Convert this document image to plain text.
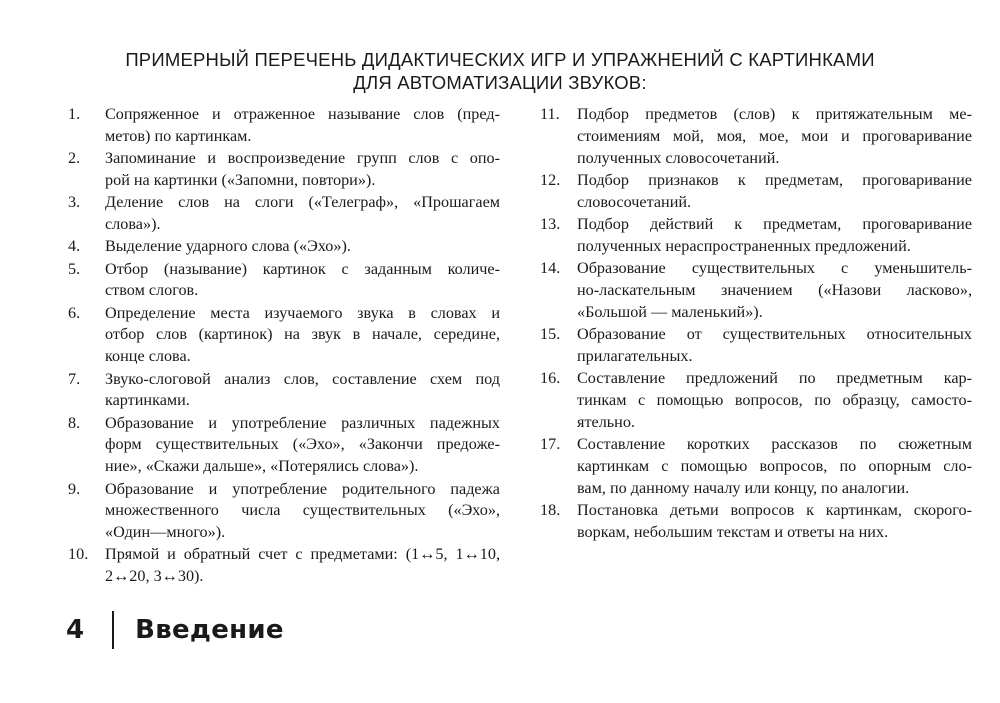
ПРИМЕРНЫЙ ПЕРЕЧЕНЬ ДИДАКТИЧЕСКИХ ИГР И УПРАЖНЕНИЙ С КАРТИНКАМИ
ДЛЯ АВТОМАТИЗАЦИИ ЗВУКОВ:
1. Сопряженное и отраженное называние слов (пред-
метов) по картинкам.
2. Запоминание и воспроизведение групп слов с опо-
рой на картинки («Запомни, повтори»).
3. Деление слов на слоги («Телеграф», «Прошагаем
слова»).
4. Выделение ударного слова («Эхо»).
5. Отбор (называние) картинок с заданным количе-
ством слогов.
6. Определение места изучаемого звука в словах и
отбор слов (картинок) на звук в начале, середине,
конце слова.
7. Звуко-слоговой анализ слов, составление схем под
картинками.
8. Образование и употребление различных падежных
форм существительных («Эхо», «Закончи предоже-
ние», «Скажи дальше», «Потерялись слова»).
9. Образование и употребление родительного падежа
множественного числа существительных («Эхо»,
«Один—много»).
10. Прямой и обратный счет с предметами: (1↔5, 1↔10,
2↔20, 3↔30).
11. Подбор предметов (слов) к притяжательным ме-
стоимениям мой, моя, мое, мои и проговаривание
полученных словосочетаний.
12. Подбор признаков к предметам, проговаривание
словосочетаний.
13. Подбор действий к предметам, проговаривание
полученных нераспространенных предложений.
14. Образование существительных с уменьшитель-
но-ласкательным значением («Назови ласково»,
«Большой — маленький»).
15. Образование от существительных относительных
прилагательных.
16. Составление предложений по предметным кар-
тинкам с помощью вопросов, по образцу, самосто-
ятельно.
17. Составление коротких рассказов по сюжетным
картинкам с помощью вопросов, по опорным сло-
вам, по данному началу или концу, по аналогии.
18. Постановка детьми вопросов к картинкам, скорого-
воркам, небольшим текстам и ответы на них.
4 Введение
